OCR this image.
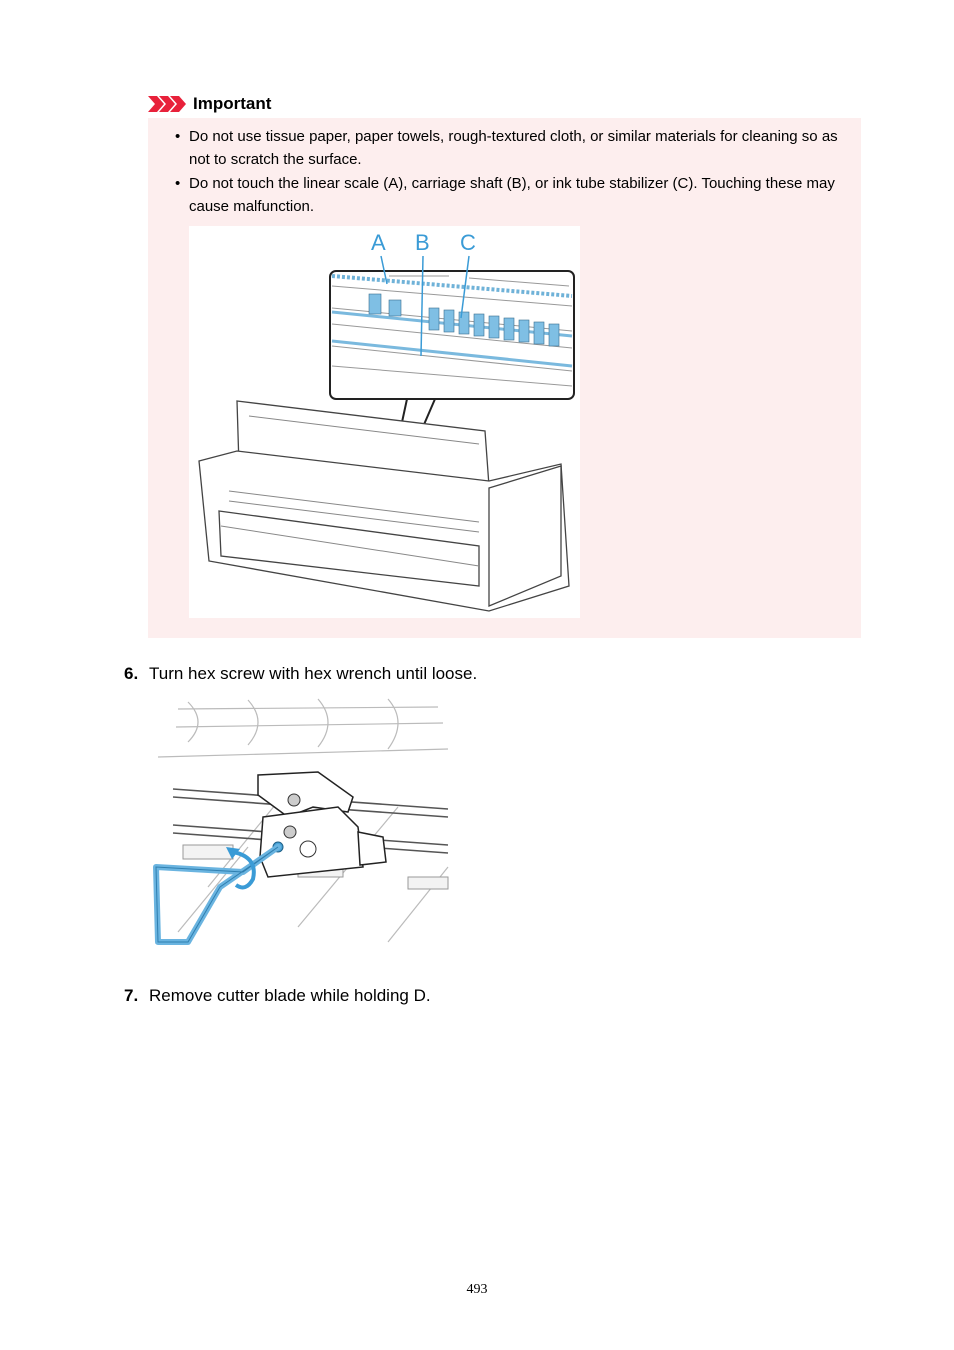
Important
• Do not use tissue paper, paper towels, rough-textured cloth, or similar materials for cleaning so as not to scratch the surface.
• Do not touch the linear scale (A), carriage shaft (B), or ink tube stabilizer (C). Touching these may cause malfunction.
A B C
6. Turn hex screw with hex wrench until loose.
7. Remove cutter blade while holding D.
493
